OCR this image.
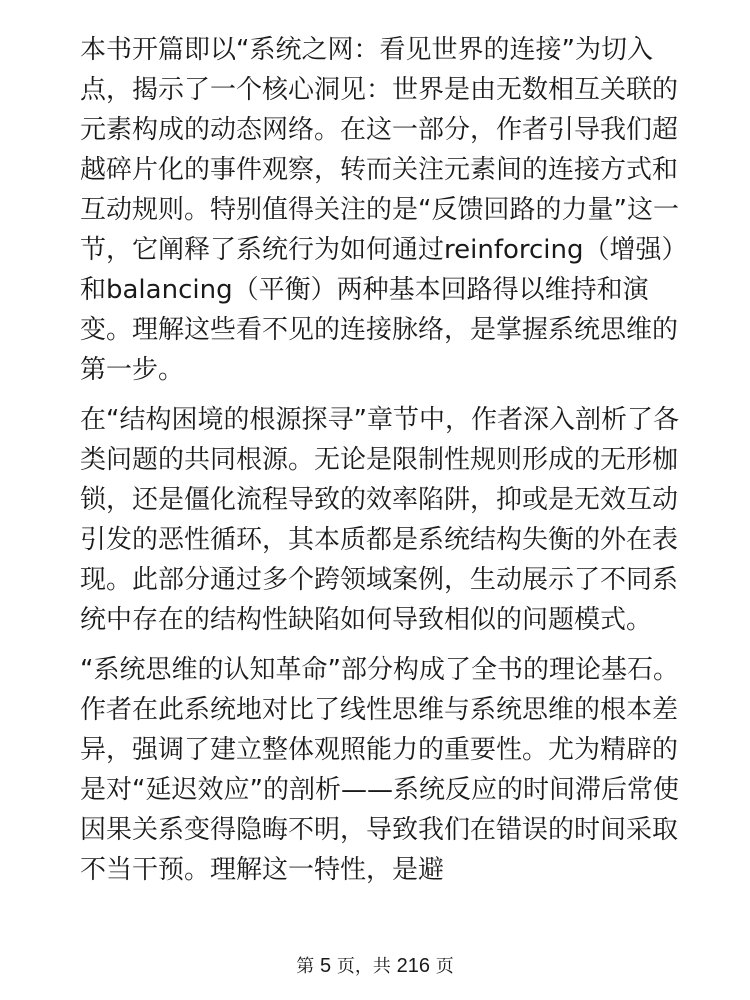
本书开篇即以“系统之网：看见世界的连接”为切入点，揭示了一个核心洞见：世界是由无数相互关联的元素构成的动态网络。在这一部分，作者引导我们超越碎片化的事件观察，转而关注元素间的连接方式和互动规则。特别值得关注的是“反馈回路的力量”这一节，它阐释了系统行为如何通过reinforcing（增强）和balancing（平衡）两种基本回路得以维持和演变。理解这些看不见的连接脉络，是掌握系统思维的第一步。

在“结构困境的根源探寻”章节中，作者深入剖析了各类问题的共同根源。无论是限制性规则形成的无形枷锁，还是僵化流程导致的效率陷阱，抑或是无效互动引发的恶性循环，其本质都是系统结构失衡的外在表现。此部分通过多个跨领域案例，生动展示了不同系统中存在的结构性缺陷如何导致相似的问题模式。

“系统思维的认知革命”部分构成了全书的理论基石。作者在此系统地对比了线性思维与系统思维的根本差异，强调了建立整体观照能力的重要性。尤为精辟的是对“延迟效应”的剖析——系统反应的时间滞后常使因果关系变得隐晦不明，导致我们在错误的时间采取不当干预。理解这一特性，是避

第 5 页，共 216 页
